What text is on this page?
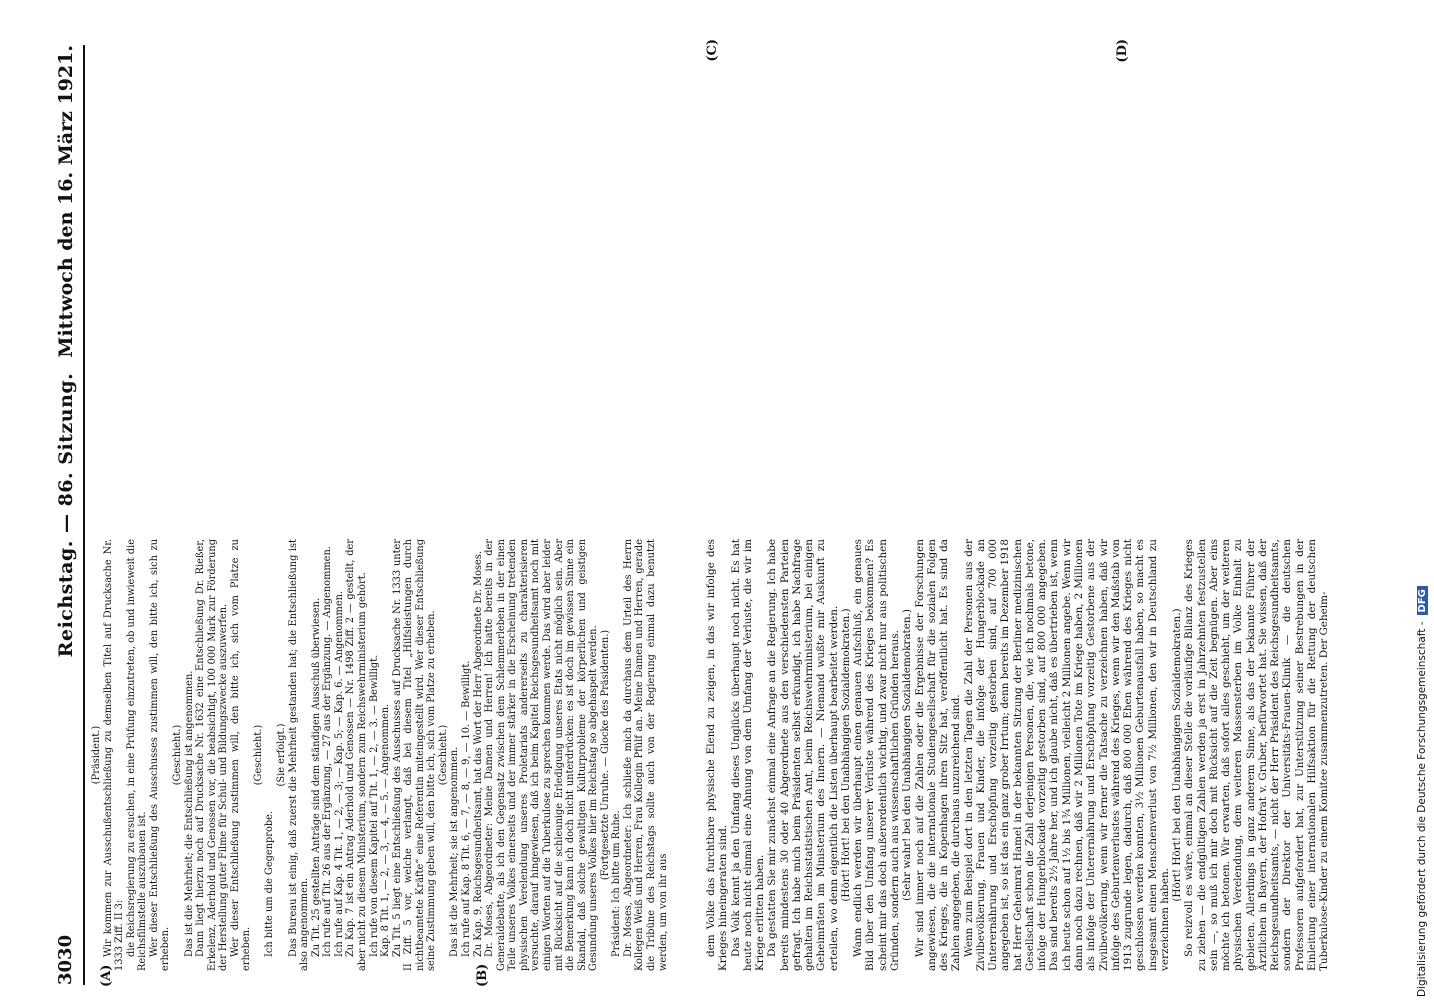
3030
Reichstag. — 86. Sitzung.
Mittwoch den 16. März 1921.
(A)	(B)

(Präsident.) Wir kommen zur Ausschußentschließung zu demselben Titel auf Drucksache Nr. 1333 Ziff. II 3: die Reichsregierung zu ersuchen, in eine Prüfung einzutreten, ob und inwieweit die Reichsfilmstelle auszubauen ist. Wer dieser Entschließung des Ausschusses zustimmen will, den bitte ich, sich zu erheben.

(Geschieht.) Das ist die Mehrheit; die Entschließung ist angenommen. Dann liegt hierzu noch auf Drucksache Nr. 1632 eine Entschließung Dr. Rießer, Erkelenz, Aderhold und Genossen vor, die beabsichtigt, 100 000 Mark zur Förderung der Herstellung guter Filme für Schul- und Bildungszwecke auszuwerfen. Wer dieser Entschließung zustimmen will, den bitte ich, sich vom Platze zu erheben.

(Geschieht.)

Ich bitte um die Gegenprobe.

(Sie erfolgt.) Das Bureau ist einig, daß zuerst die Mehrheit gestanden hat; die Entschließung ist also angenommen. Zu Tit. 25 gestellten Anträge sind dem ständigen Ausschuß überwiesen. Ich rufe auf Tit. 26 aus der Ergänzung, — 27 aus der Ergänzung. — Angenommen. Ich rufe auf Kap. 4 Tit. 1, — 2, — 3; — Kap. 5; — Kap. 6. — Angenommen. Zu Kap. 7 ist ein Antrag Aderhold und Genossen — Nr. 1498 Ziff. 2 — gestellt, der aber nicht zu diesem Ministerium, sondern zum Reichswehrministerium gehört. Ich rufe von diesem Kapitel auf Tit. 1, — 2, — 3. — Bewilligt. Kap. 8 Tit. 1, — 2, — 3, — 4, — 5. — Angenommen. Zu Tit. 5 liegt eine Entschließung des Ausschusses auf Drucksache Nr. 1333 unter II Ziff. 5 vor, welche verlangt, daß bei diesem Titel „Hilfsleistungen durch nichtbeamtete Kräfte“ eine Referentin miteingestellt wird. Wer dieser Entschließung seine Zustimmung geben will, den bitte ich, sich vom Platze zu erheben. (Geschieht.) Das ist die Mehrheit; sie ist angenommen. Ich rufe auf Kap. 8 Tit. 6, — 7, — 8, — 9, — 10. — Bewilligt. Zu Kap. 9, Reichsgesundheitsamt, hat das Wort der Herr Abgeordnete Dr. Moses. Dr. Moses, Abgeordneter: Meine Damen und Herren! Ich hatte bereits in der Generaldebatte, als ich den Gegensatz zwischen dem Schlemmerleben in der einen Teile unseres Volkes einerseits und der immer stärker in die Erscheinung tretenden physischen Verelendung unseres Proletariats andererseits zu charakterisieren versuchte, darauf hingewiesen, daß ich beim Kapitel Reichsgesundheitsamt noch mit einigen Worten auf die Tuberkulose zu sprechen kommen werde. Das wird aber leider mit Rücksicht auf die schleunige Erledigung unseres Etats nicht möglich sein. Aber die Bemerkung kann ich doch nicht unterdrücken: es ist doch im gewissen Sinne ein Skandal, daß solche gewaltigen Kulturprobleme der körperlichen und geistigen Gesundung unseres Volkes hier im Reichstag so abgehaspelt werden. (Fortgesetzte Unruhe. — Glocke des Präsidenten.)

Präsident: Ich bitte um Ruhe. Dr. Moses, Abgeordneter: Ich schließe mich da durchaus dem Urteil des Herrn Kollegen Weiß und Herren, Frau Kollegin Pfülf an. Meine Damen und Herren, gerade die Tribüne des Reichstags sollte auch von der Regierung einmal dazu benutzt werden, um von ihr aus

(C)	(D)

dem Volke das furchtbare physische Elend zu zeigen, in das wir infolge des Krieges hineingeraten sind. Das Volk kennt ja den Umfang dieses Unglücks überhaupt noch nicht. Es hat heute noch nicht einmal eine Ahnung von dem Umfang der Verluste, die wir im Kriege erlitten haben. Da gestatten Sie mir zunächst einmal eine Anfrage an die Regierung. Ich habe bereits mindestens 30 oder 40 Abgeordnete aus den verschiedensten Parteien gefragt. Ich habe mich beim Präsidenten selbst erkundigt, ich habe Nachfrage gehalten im Reichsstatistischen Amt, beim Reichswehrministerium, bei einigen Geheimräten im Ministerium des Innern. — Niemand wußte mir Auskunft zu erteilen, wo denn eigentlich die Listen überhaupt bearbeitet werden. (Hört! Hört! bei den Unabhängigen Sozialdemokraten.) Wann endlich werden wir überhaupt einen genauen Aufschluß, ein genaues Bild über den Umfang unserer Verluste während des Krieges bekommen? Es scheint mir das doch außerordentlich wichtig, und zwar nicht nur aus politischen Gründen, sondern auch aus wissenschaftlichen Gründen heraus. (Sehr wahr! bei den Unabhängigen Sozialdemokraten.) Wir sind immer noch auf die Zahlen oder die Ergebnisse der Forschungen angewiesen, die die internationale Studiengesellschaft für die sozialen Folgen des Krieges, die in Kopenhagen ihren Sitz hat, veröffentlicht hat. Es sind da Zahlen angegeben, die durchaus unzureichend sind. Wenn zum Beispiel dort in den letzten Tagen die Zahl der Personen aus der Zivilbevölkerung, Frauen und Kinder, die infolge der Hungerblockade an Unterernährung und Erschöpfung vorzeitig gestorben sind, auf 700 000 angegeben ist, so ist das ein ganz grober Irrtum; denn bereits im Dezember 1918 hat Herr Geheimrat Hamel in der bekannten Sitzung der Berliner medizinischen Gesellschaft schon die Zahl derjenigen Personen, die, wie ich nochmals betone, infolge der Hungerblockade vorzeitig gestorben sind, auf 800 000 angegeben. Das sind bereits 2½ Jahre her, und ich glaube nicht, daß es übertrieben ist, wenn ich heute schon auf 1½ bis 1¾ Millionen, vielleicht 2 Millionen angebe. Wenn wir dann noch dazu rechnen, daß wir 2 Millionen Tote im Kriege haben, 2 Millionen als infolge der Unterernährung und Erschöpfung vorzeitig Gestorbene aus der Zivilbevölkerung, wenn wir ferner die Tatsache zu verzeichnen haben, daß wir infolge des Geburtenverlustes während des Krieges, wenn wir den Maßstab von 1913 zugrunde legen, dadurch, daß 800 000 Ehen während des Krieges nicht geschlossen werden konnten, 3½ Millionen Geburtenausfall haben, so macht es insgesamt einen Menschenverlust von 7½ Millionen, den wir in Deutschland zu verzeichnen haben.

(Hört! Hört! bei den Unabhängigen Sozialdemokraten.) So reizvoll es wäre, einmal an dieser Stelle die vorläufige Bilanz des Krieges zu ziehen — die endgültigen Zahlen werden ja erst in Jahrzehnten festzustellen sein —, so muß ich mir doch mit Rücksicht auf die Zeit begnügen. Aber eins möchte ich betonen. Wir erwarten, daß sofort alles geschieht, um der weiteren physischen Verelendung, dem weiteren Massensterben im Volke Einhalt zu gebieten. Allerdings in ganz anderem Sinne, als das der bekannte Führer der Ärztlichen in Bayern, der Hofrat v. Gruber, befürwortet hat. Sie wissen, daß der Reichsgesundheitsamts, — nicht der Herr Präsident des Reichsgesundheitsamts, sondern der Direktor der Universitäts-Frauen-Klinik — die deutschen Professoren aufgefordert hat, zur Unterstützung seiner Bestrebungen in der Einleitung einer internationalen Hilfsaktion für die Rettung der deutschen Tuberkulose-Kinder zu einem Komitee zusammenzutreten. Der Geheim-	Digitalisierung gefördert durch die Deutsche Forschungsgemeinschaft -DFG
